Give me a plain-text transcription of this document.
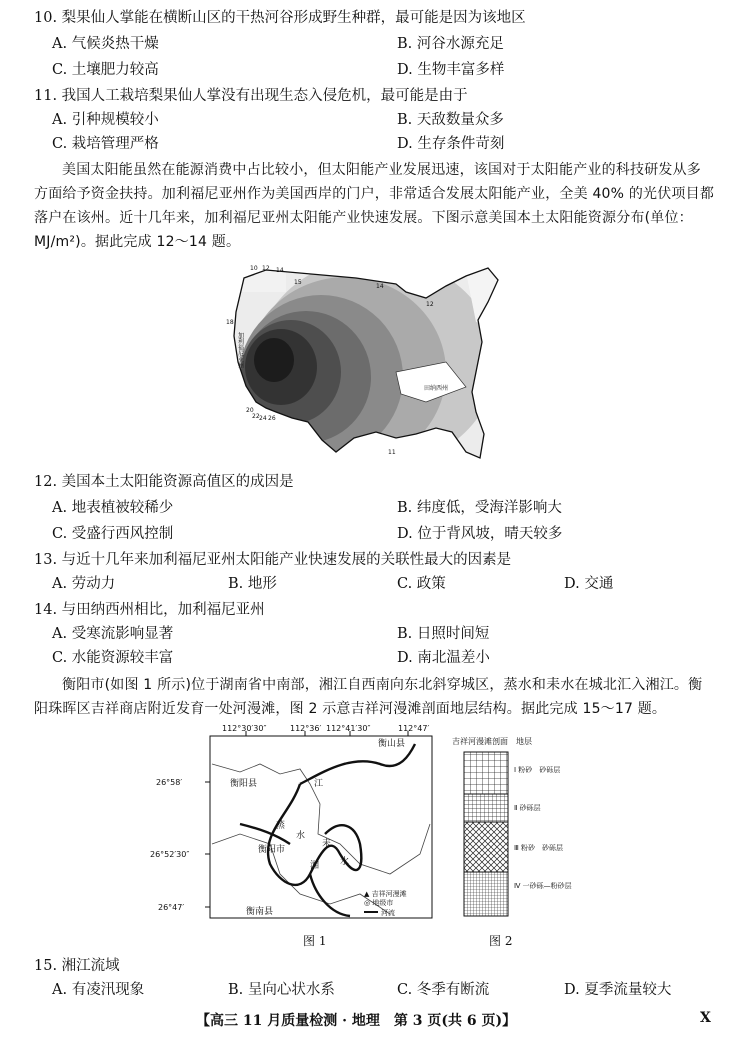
10. 梨果仙人掌能在横断山区的干热河谷形成野生种群，最可能是因为该地区
A. 气候炎热干燥	B. 河谷水源充足
C. 土壤肥力较高	D. 生物丰富多样
11. 我国人工栽培梨果仙人掌没有出现生态入侵危机，最可能是由于
A. 引种规模较小	B. 天敌数量众多
C. 栽培管理严格	D. 生存条件苛刻
美国太阳能虽然在能源消费中占比较小，但太阳能产业发展迅速，该国对于太阳能产业的科技研发从多方面给予资金扶持。加利福尼亚州作为美国西岸的门户，非常适合发展太阳能产业，全美 40% 的光伏项目都落户在该州。近十几年来，加利福尼亚州太阳能产业快速发展。下图示意美国本土太阳能资源分布(单位：MJ/m²)。据此完成 12～14 题。
10 12 14
15
18
20
22 24 26
11
12
14
加利福尼亚州
田纳西州
12. 美国本土太阳能资源高值区的成因是
A. 地表植被较稀少	B. 纬度低，受海洋影响大
C. 受盛行西风控制	D. 位于背风坡，晴天较多
13. 与近十几年来加利福尼亚州太阳能产业快速发展的关联性最大的因素是
A. 劳动力	B. 地形	C. 政策	D. 交通
14. 与田纳西州相比，加利福尼亚州
A. 受寒流影响显著	B. 日照时间短
C. 水能资源较丰富	D. 南北温差小
衡阳市(如图 1 所示)位于湖南省中南部，湘江自西南向东北斜穿城区，蒸水和耒水在城北汇入湘江。衡阳珠晖区吉祥商店附近发育一处河漫滩，图 2 示意吉祥河漫滩剖面地层结构。据此完成 15～17 题。
112°30′30″	112°36′ 112°41′30″	112°47′
26°58′
26°52′30″
26°47′
衡山县
衡阳县
衡阳市
衡南县
江
蒸
水
耒
水
湘
▲ 吉祥河漫滩
◎ 地级市
河流
图 1
吉祥河漫滩剖面　地层
Ⅰ 粉砂　砂砾层
Ⅱ 砂砾层
Ⅲ 粉砂　砂砾层
Ⅳ 一砂砾—粉砂层
图 2
15. 湘江流域
A. 有凌汛现象	B. 呈向心状水系	C. 冬季有断流	D. 夏季流量较大
【高三 11 月质量检测 · 地理　第 3 页(共 6 页)】	X
